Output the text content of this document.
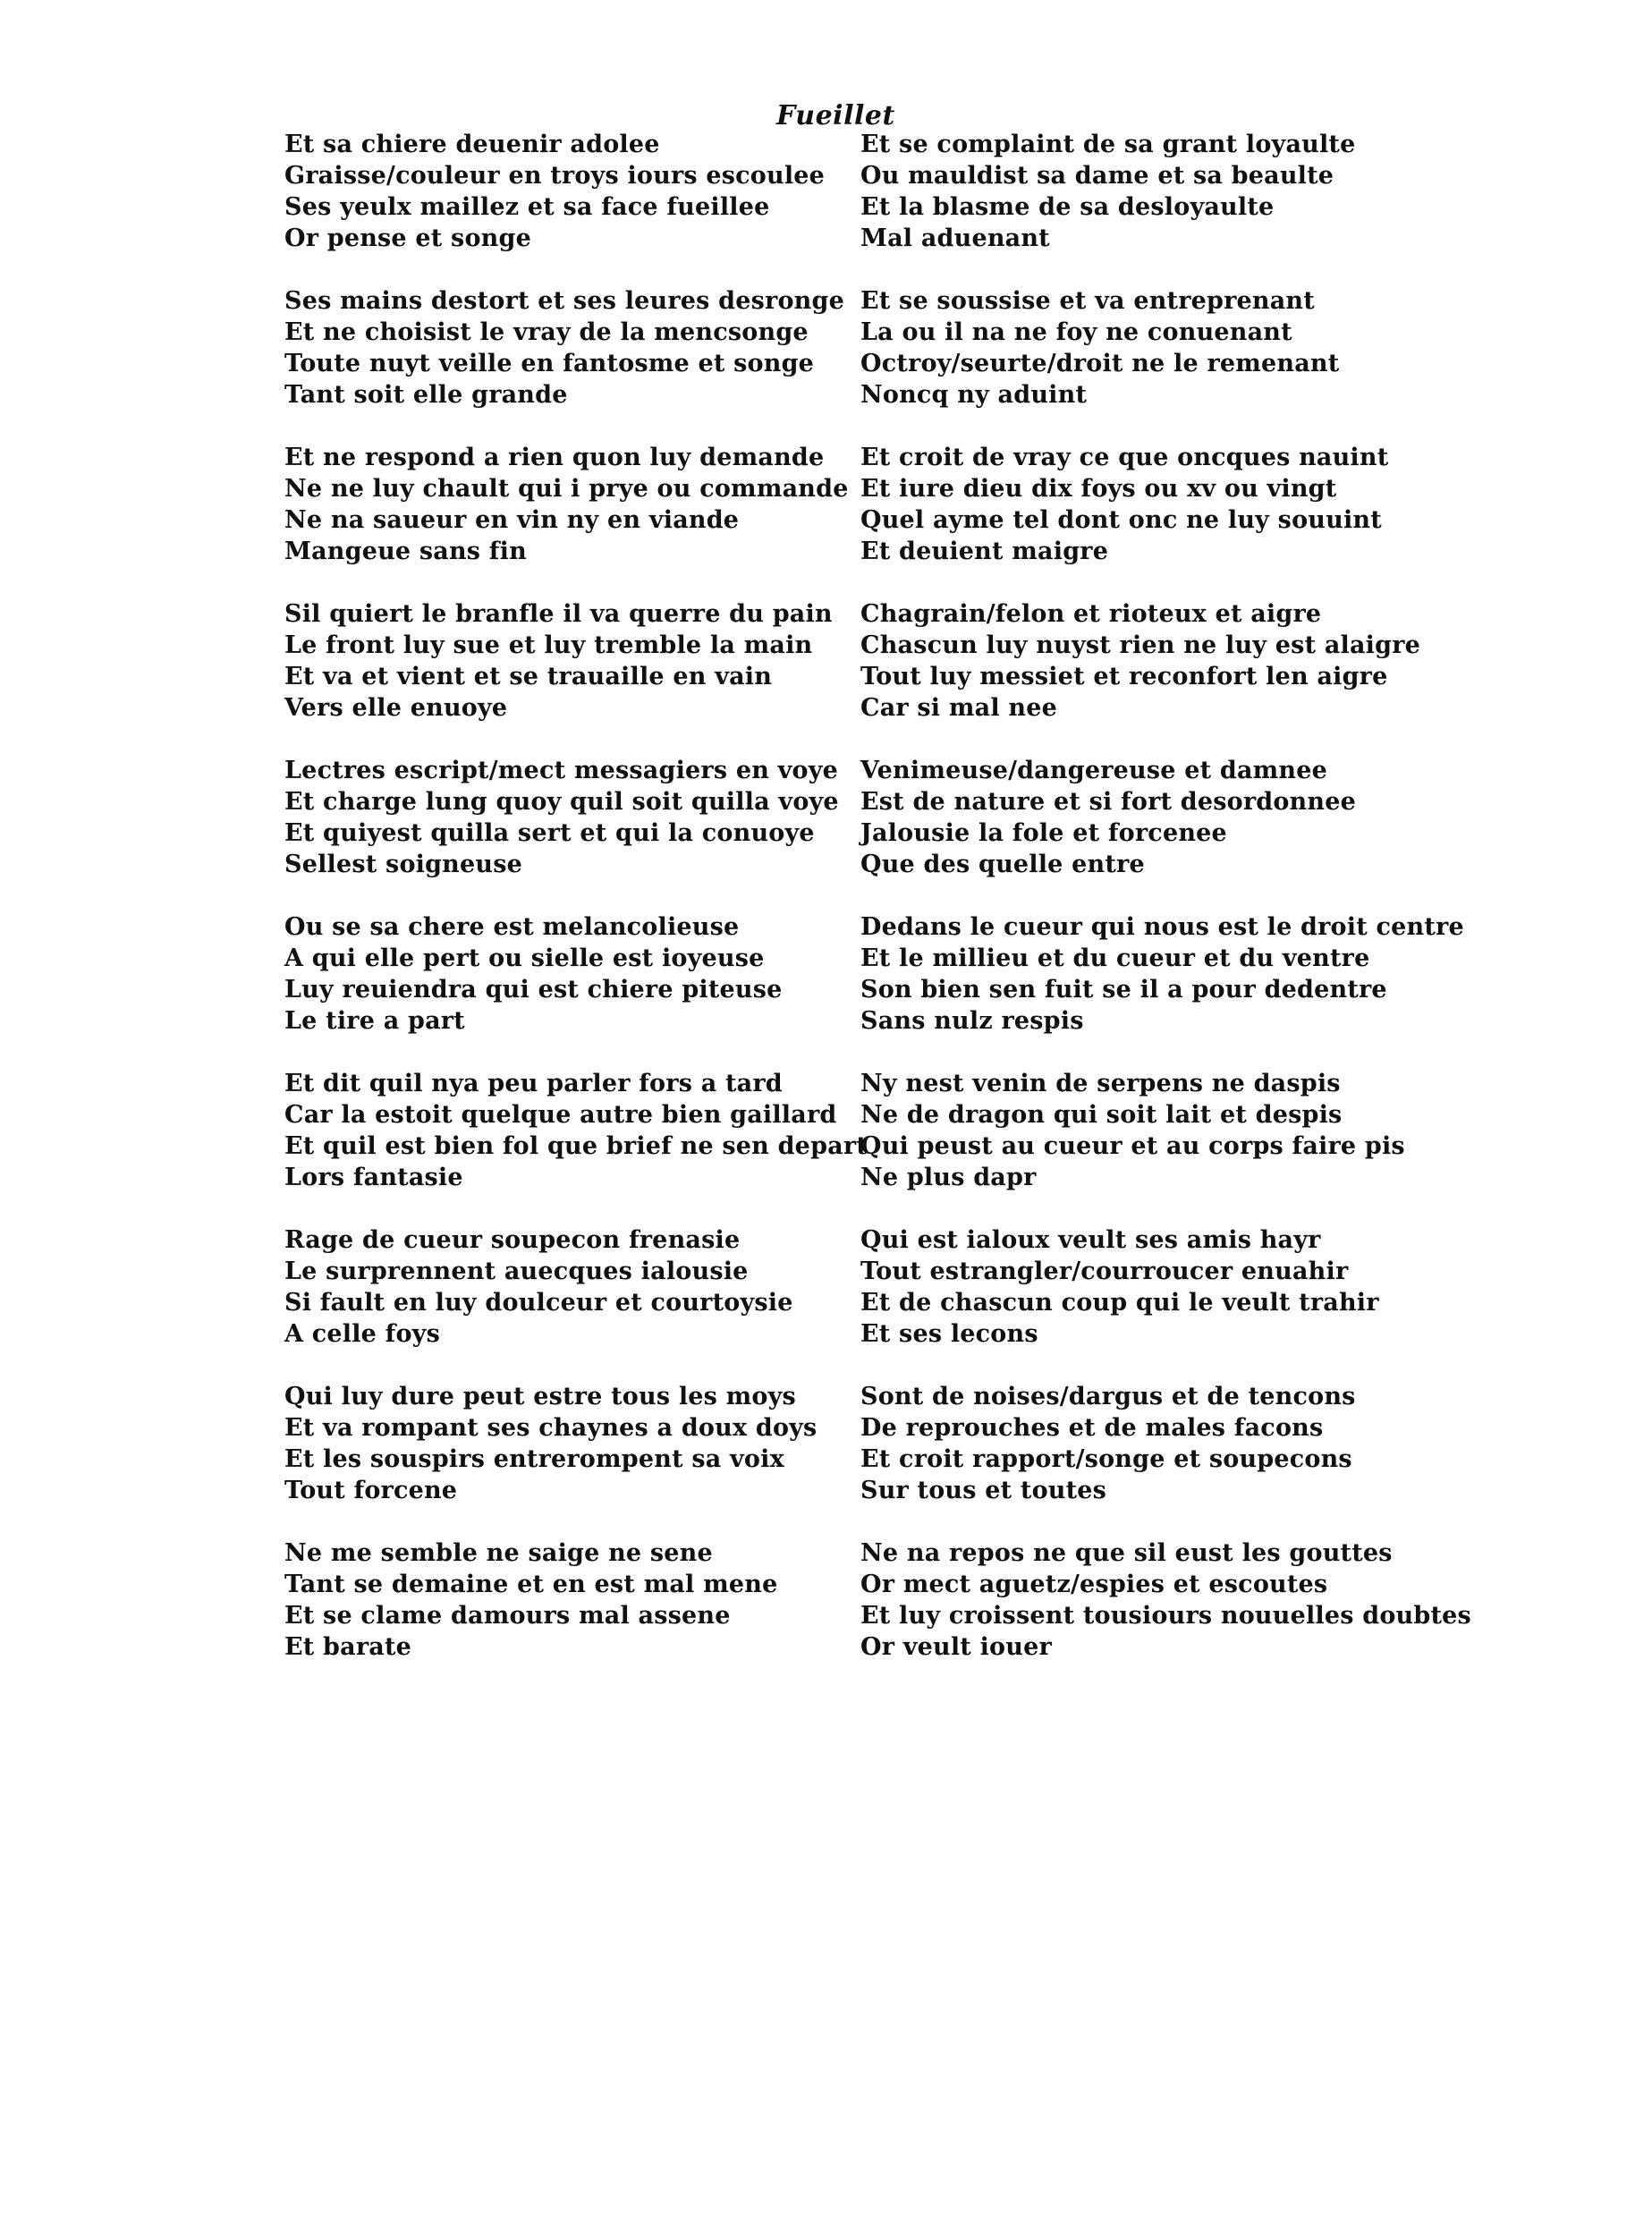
Fueillet
Et sa chiere deuenir adolee
Graisse/couleur en troys iours escoulee
Ses yeulx maillez et sa face fueillee
Or pense et songe
Ses mains destort et ses leures desronge
Et ne choisist le vray de la mencsonge
Toute nuyt veille en fantosme et songe
Tant soit elle grande
Et ne respond a rien quon luy demande
Ne ne luy chault qui i prye ou commande
Ne na saueur en vin ny en viande
Mangeue sans fin
Sil quiert le branfle il va querre du pain
Le front luy sue et luy tremble la main
Et va et vient et se trauaille en vain
Vers elle enuoye
Lectres escript/mect messagiers en voye
Et charge lung quoy quil soit quilla voye
Et quiyest quilla sert et qui la conuoye
Sellest soigneuse
Ou se sa chere est melancolieuse
A qui elle pert ou sielle est ioyeuse
Luy reuiendra qui est chiere piteuse
Le tire a part
Et dit quil nya peu parler fors a tard
Car la estoit quelque autre bien gaillard
Et quil est bien fol que brief ne sen depart
Lors fantasie
Rage de cueur soupecon frenasie
Le surprennent auecques ialousie
Si fault en luy doulceur et courtoysie
A celle foys
Qui luy dure peut estre tous les moys
Et va rompant ses chaynes a doux doys
Et les souspirs entrerompent sa voix
Tout forcene
Ne me semble ne saige ne sene
Tant se demaine et en est mal mene
Et se clame damours mal assene
Et barate
Et se complaint de sa grant loyaulte
Ou mauldist sa dame et sa beaulte
Et la blasme de sa desloyaulte
Mal aduenant
Et se soussise et va entreprenant
La ou il na ne foy ne conuenant
Octroy/seurte/droit ne le remenant
Noncq ny aduint
Et croit de vray ce que oncques nauint
Et iure dieu dix foys ou xv ou vingt
Quel ayme tel dont onc ne luy souuint
Et deuient maigre
Chagrain/felon et rioteux et aigre
Chascun luy nuyst rien ne luy est alaigre
Tout luy messiet et reconfort len aigre
Car si mal nee
Venimeuse/dangereuse et damnee
Est de nature et si fort desordonnee
Jalousie la fole et forcenee
Que des quelle entre
Dedans le cueur qui nous est le droit centre
Et le millieu et du cueur et du ventre
Son bien sen fuit se il a pour dedentre
Sans nulz respis
Ny nest venin de serpens ne daspis
Ne de dragon qui soit lait et despis
Qui peust au cueur et au corps faire pis
Ne plus dapr
Qui est ialoux veult ses amis hayr
Tout estrangler/courroucer enuahir
Et de chascun coup qui le veult trahir
Et ses lecons
Sont de noises/dargus et de tencons
De reprouches et de males facons
Et croit rapport/songe et soupecons
Sur tous et toutes
Ne na repos ne que sil eust les gouttes
Or mect aguetz/espies et escoutes
Et luy croissent tousiours nouuelles doubtes
Or veult iouer
